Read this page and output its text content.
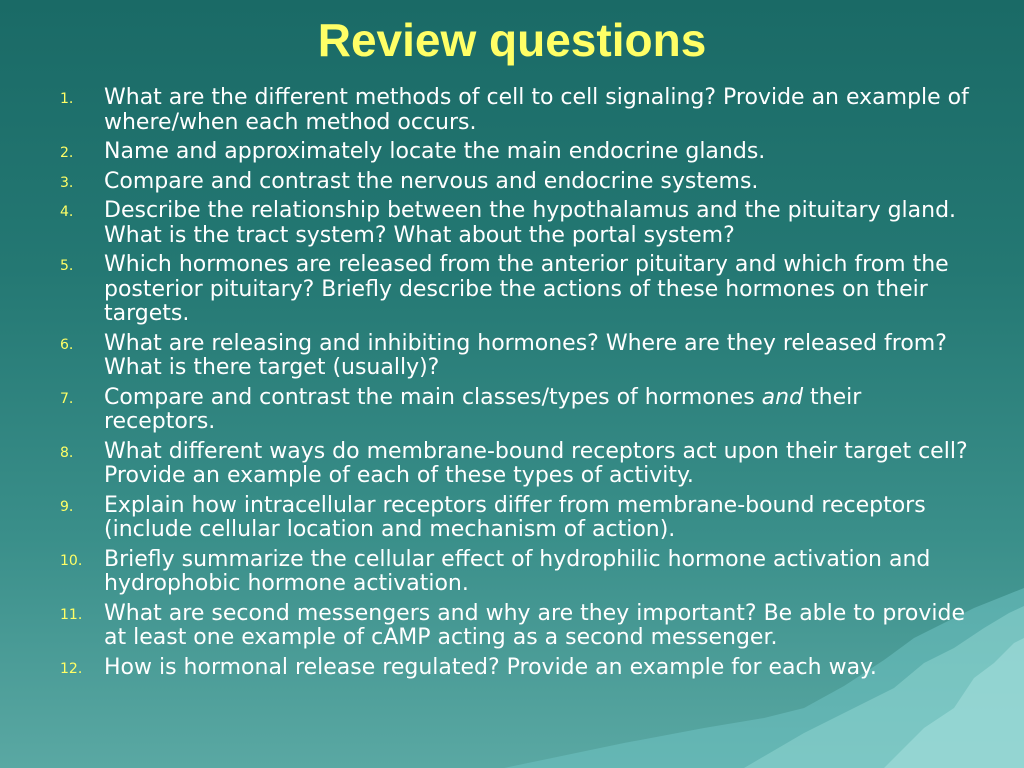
Review questions
1. What are the different methods of cell to cell signaling? Provide an example of where/when each method occurs.
2. Name and approximately locate the main endocrine glands.
3. Compare and contrast the nervous and endocrine systems.
4. Describe the relationship between the hypothalamus and the pituitary gland. What is the tract system? What about the portal system?
5. Which hormones are released from the anterior pituitary and which from the posterior pituitary? Briefly describe the actions of these hormones on their targets.
6. What are releasing and inhibiting hormones? Where are they released from? What is there target (usually)?
7. Compare and contrast the main classes/types of hormones and their receptors.
8. What different ways do membrane-bound receptors act upon their target cell? Provide an example of each of these types of activity.
9. Explain how intracellular receptors differ from membrane-bound receptors (include cellular location and mechanism of action).
10. Briefly summarize the cellular effect of hydrophilic hormone activation and hydrophobic hormone activation.
11. What are second messengers and why are they important? Be able to provide at least one example of cAMP acting as a second messenger.
12. How is hormonal release regulated? Provide an example for each way.
